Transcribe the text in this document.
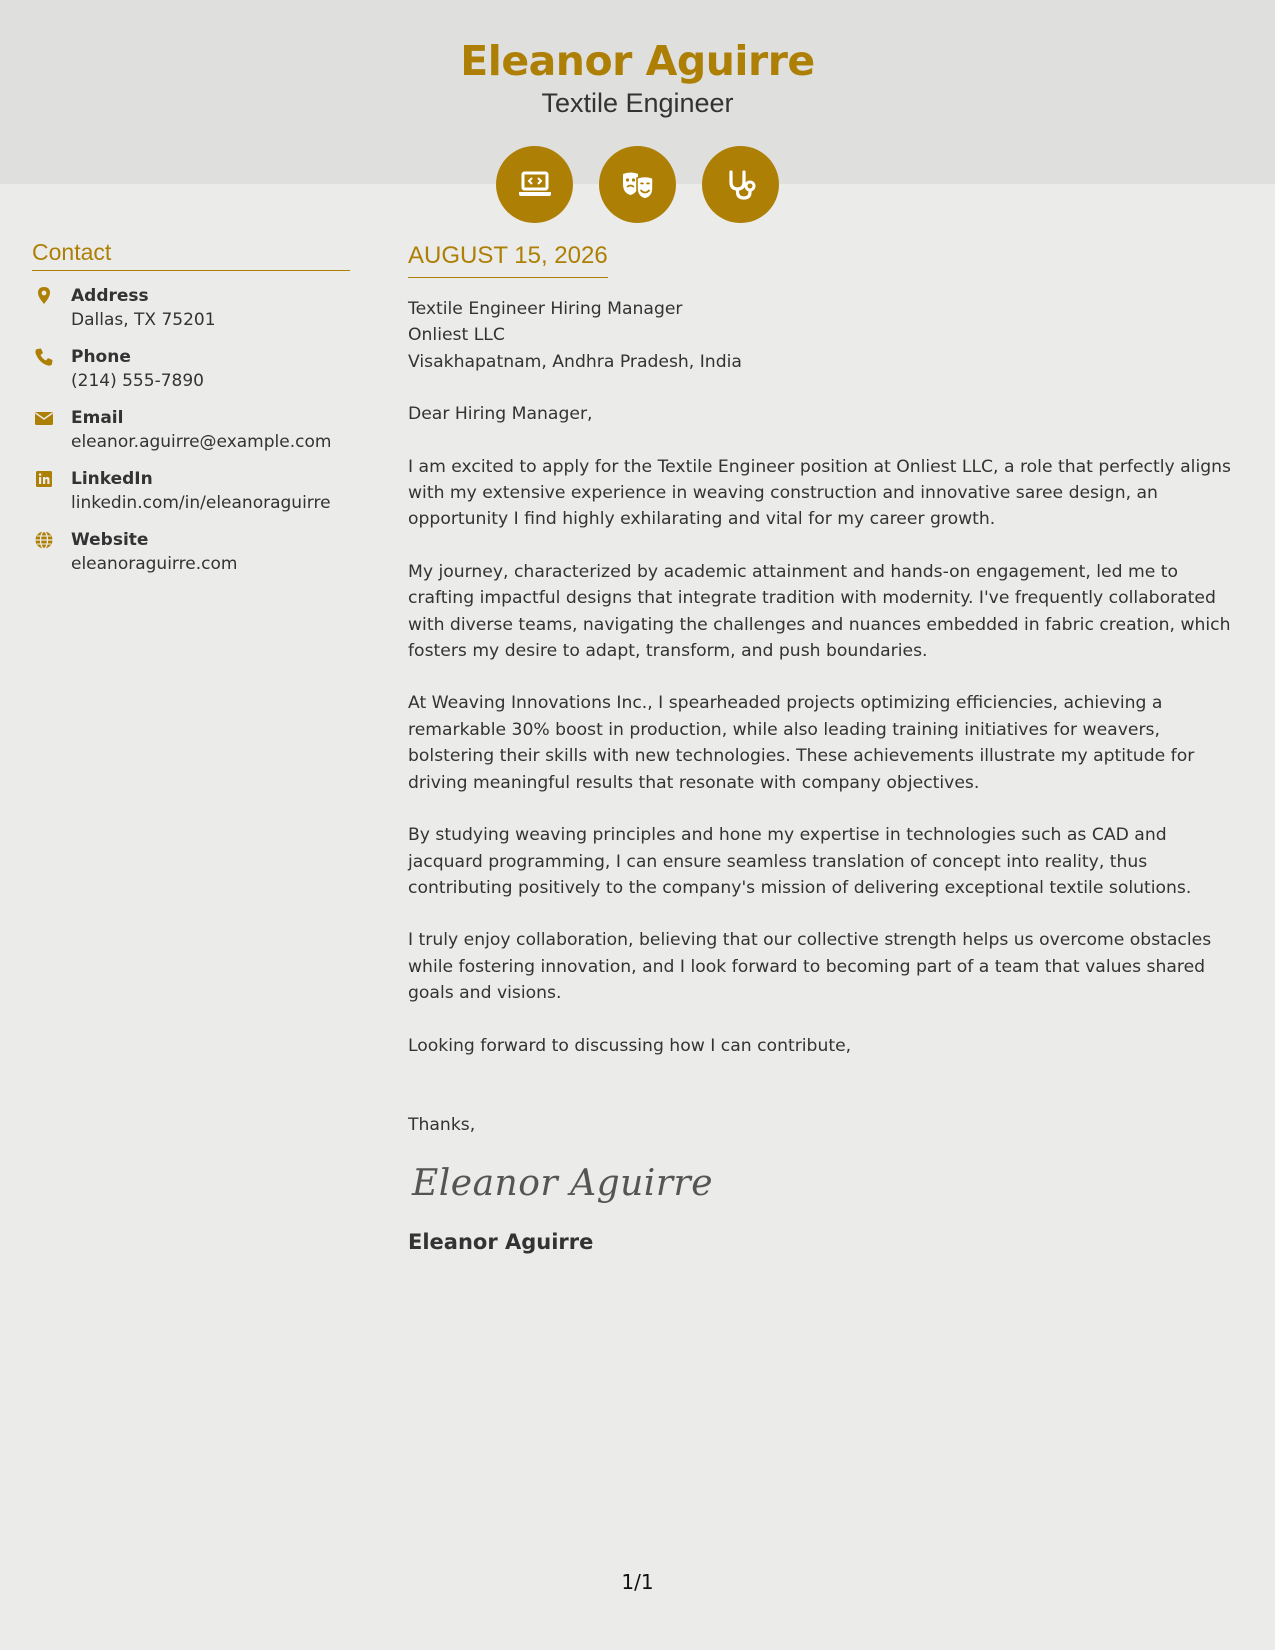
Eleanor Aguirre
Textile Engineer
Contact
Address
Dallas, TX 75201
Phone
(214) 555-7890
Email
eleanor.aguirre@example.com
LinkedIn
linkedin.com/in/eleanoraguirre
Website
eleanoraguirre.com
AUGUST 15, 2026

Textile Engineer Hiring Manager

Onliest LLC

Visakhapatnam, Andhra Pradesh, India

Dear Hiring Manager,

I am excited to apply for the Textile Engineer position at Onliest LLC, a role that perfectly aligns with my extensive experience in weaving construction and innovative saree design, an opportunity I find highly exhilarating and vital for my career growth.

My journey, characterized by academic attainment and hands-on engagement, led me to crafting impactful designs that integrate tradition with modernity. I've frequently collaborated with diverse teams, navigating the challenges and nuances embedded in fabric creation, which fosters my desire to adapt, transform, and push boundaries.

At Weaving Innovations Inc., I spearheaded projects optimizing efficiencies, achieving a remarkable 30% boost in production, while also leading training initiatives for weavers, bolstering their skills with new technologies. These achievements illustrate my aptitude for driving meaningful results that resonate with company objectives.

By studying weaving principles and hone my expertise in technologies such as CAD and jacquard programming, I can ensure seamless translation of concept into reality, thus contributing positively to the company's mission of delivering exceptional textile solutions.

I truly enjoy collaboration, believing that our collective strength helps us overcome obstacles while fostering innovation, and I look forward to becoming part of a team that values shared goals and visions.

Looking forward to discussing how I can contribute,

Thanks,

Eleanor Aguirre
Eleanor Aguirre
1/1
